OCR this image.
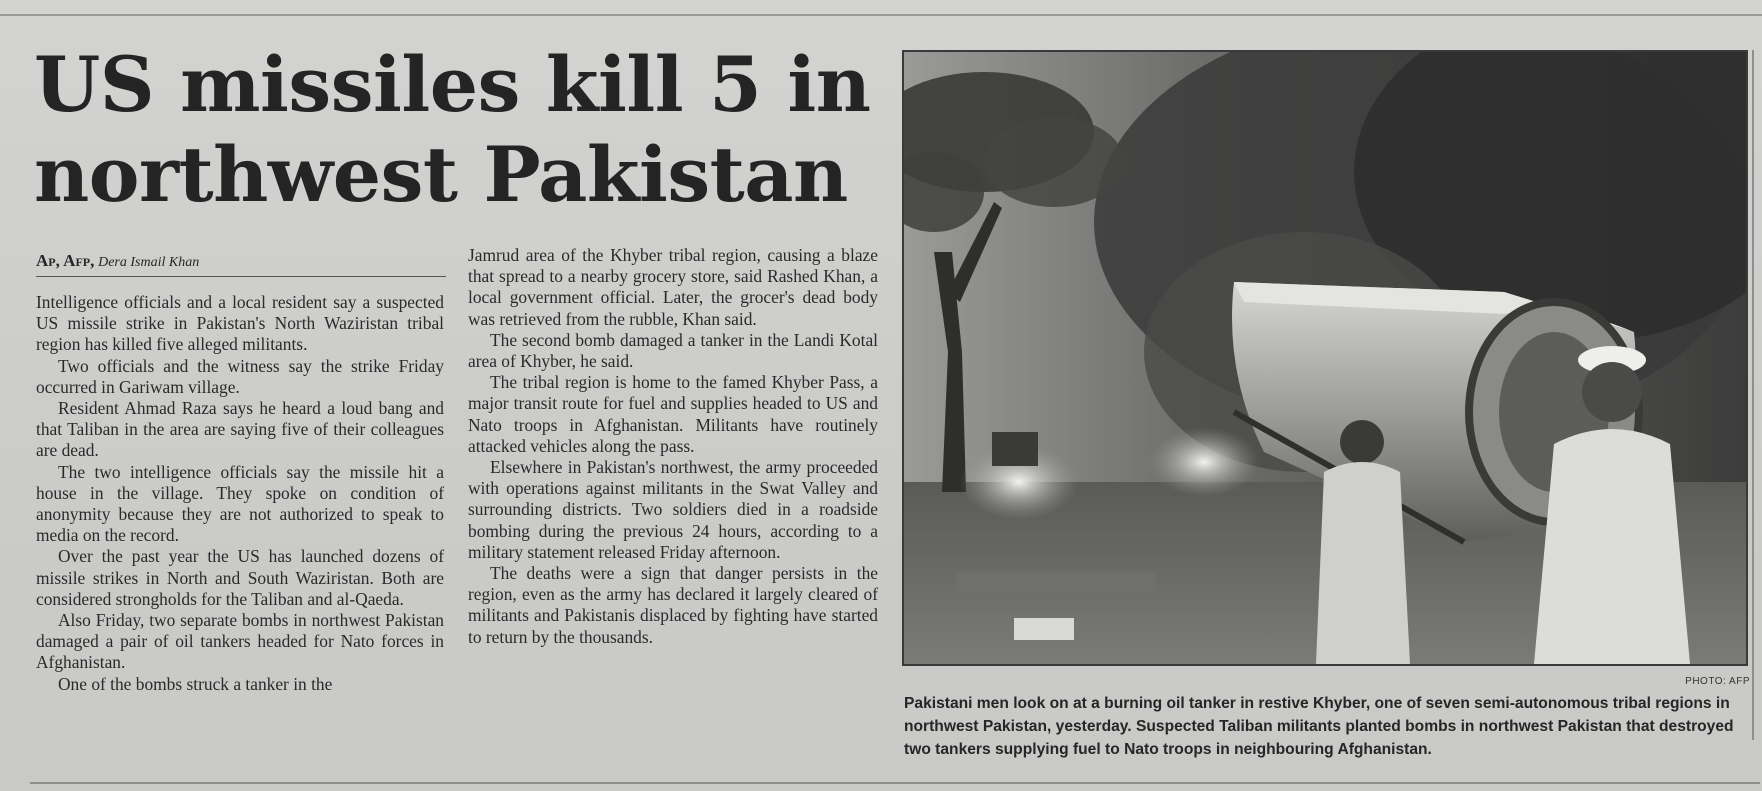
US missiles kill 5 in northwest Pakistan
Ap, Afp, Dera Ismail Khan

Intelligence officials and a local resident say a suspected US missile strike in Pakistan's North Waziristan tribal region has killed five alleged militants.

Two officials and the witness say the strike Friday occurred in Gariwam village.

Resident Ahmad Raza says he heard a loud bang and that Taliban in the area are saying five of their colleagues are dead.

The two intelligence officials say the missile hit a house in the village. They spoke on condition of anonymity because they are not authorized to speak to media on the record.

Over the past year the US has launched dozens of missile strikes in North and South Waziristan. Both are considered strongholds for the Taliban and al-Qaeda.

Also Friday, two separate bombs in northwest Pakistan damaged a pair of oil tankers headed for Nato forces in Afghanistan.

One of the bombs struck a tanker in the

Jamrud area of the Khyber tribal region, causing a blaze that spread to a nearby grocery store, said Rashed Khan, a local government official. Later, the grocer's dead body was retrieved from the rubble, Khan said.

The second bomb damaged a tanker in the Landi Kotal area of Khyber, he said.

The tribal region is home to the famed Khyber Pass, a major transit route for fuel and supplies headed to US and Nato troops in Afghanistan. Militants have routinely attacked vehicles along the pass.

Elsewhere in Pakistan's northwest, the army proceeded with operations against militants in the Swat Valley and surrounding districts. Two soldiers died in a roadside bombing during the previous 24 hours, according to a military statement released Friday afternoon.

The deaths were a sign that danger persists in the region, even as the army has declared it largely cleared of militants and Pakistanis displaced by fighting have started to return by the thousands.

PHOTO: AFP
Pakistani men look on at a burning oil tanker in restive Khyber, one of seven semi-autonomous tribal regions in northwest Pakistan, yesterday. Suspected Taliban militants planted bombs in northwest Pakistan that destroyed two tankers supplying fuel to Nato troops in neighbouring Afghanistan.
